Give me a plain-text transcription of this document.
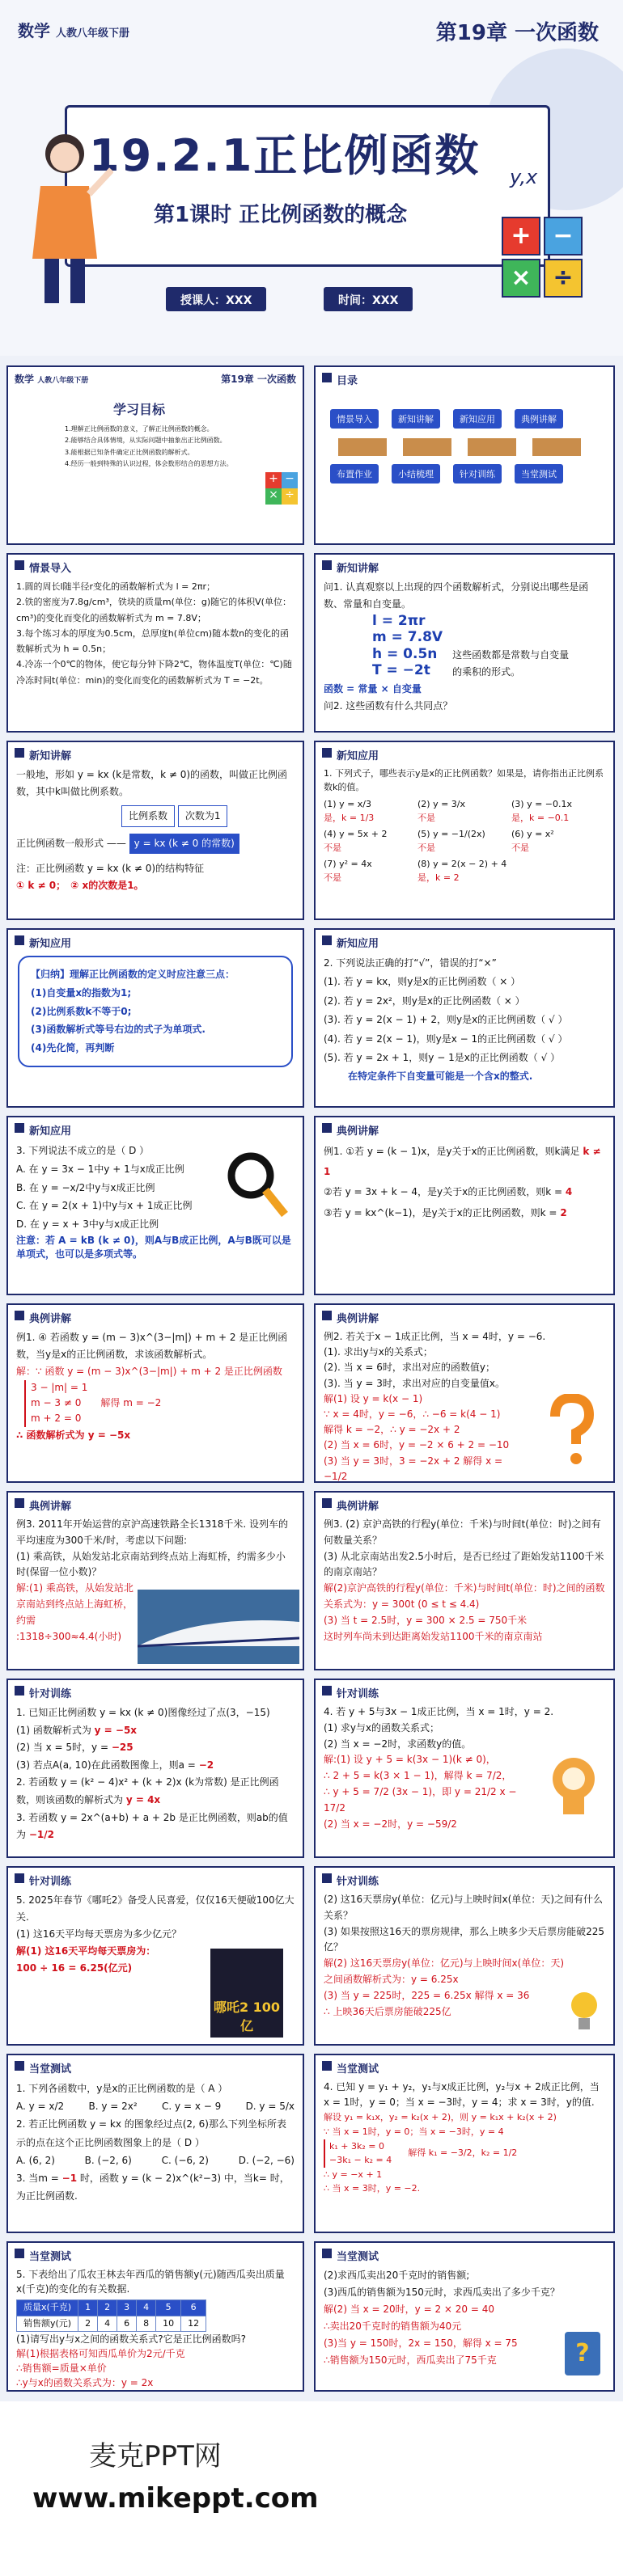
数学 人教八年级下册	第19章 一次函数
19.2.1正比例函数
第1课时 正比例函数的概念
y,x
授课人：XXX	时间：XXX
+ −
× ÷
数学 人教八年级下册	第19章 一次函数
学习目标
1.理解正比例函数的意义，了解正比例函数的概念。
2.能够结合具体情境，从实际问题中抽象出正比例函数。
3.能根据已知条件确定正比例函数的解析式。
4.经历一般到特殊的认识过程，体会数形结合的思想方法。
+ −
× ÷
目录
情景导入	新知讲解	新知应用	典例讲解
布置作业	小结梳理	针对训练	当堂测试
情景导入
1.圆的周长l随半径r变化的函数解析式为 l = 2πr；
2.铁的密度为7.8g/cm³，铁块的质量m(单位：g)随它的体积V(单位：cm³)的变化而变化的函数解析式为 m = 7.8V；
3.每个练习本的厚度为0.5cm，总厚度h(单位cm)随本数n的变化的函数解析式为 h = 0.5n；
4.冷冻一个0℃的物体，使它每分钟下降2℃，物体温度T(单位：℃)随冷冻时间t(单位：min)的变化而变化的函数解析式为 T = −2t。
新知讲解
问1. 认真观察以上出现的四个函数解析式，分别说出哪些是函数、常量和自变量。
l = 2πr
m = 7.8V
h = 0.5n
T = −2t
这些函数都是常数与自变量的乘积的形式。
函数 = 常量 × 自变量
问2. 这些函数有什么共同点？
新知讲解
一般地，形如 y = kx (k是常数，k ≠ 0)的函数，叫做正比例函数，其中k叫做比例系数。
比例系数 次数为1
正比例函数一般形式 —— y = kx (k ≠ 0 的常数)
注：正比例函数 y = kx (k ≠ 0)的结构特征
① k ≠ 0；　 ② x的次数是1。
新知应用
1. 下列式子，哪些表示y是x的正比例函数？如果是，请你指出正比例系数k的值。
(1) y = x/3
是，k = 1/3
(2) y = 3/x
不是
(3) y = −0.1x
是，k = −0.1
(4) y = 5x + 2
不是
(5) y = −1/(2x)
不是
(6) y = x²
不是
(7) y² = 4x
不是
(8) y = 2(x − 2) + 4
是，k = 2
新知应用
【归纳】理解正比例函数的定义时应注意三点：
(1)自变量x的指数为1;
(2)比例系数k不等于0;
(3)函数解析式等号右边的式子为单项式.
(4)先化简，再判断
新知应用
2. 下列说法正确的打“√”，错误的打“×”
(1). 若 y = kx，则y是x的正比例函数（ × ）
(2). 若 y = 2x²，则y是x的正比例函数（ × ）
(3). 若 y = 2(x − 1) + 2，则y是x的正比例函数（ √ ）
(4). 若 y = 2(x − 1)，则y是x − 1的正比例函数（ √ ）
(5). 若 y = 2x + 1，则y − 1是x的正比例函数（ √ ）
在特定条件下自变量可能是一个含x的整式.
新知应用
3. 下列说法不成立的是（ D ）
A. 在 y = 3x − 1中y + 1与x成正比例
B. 在 y = −x/2中y与x成正比例
C. 在 y = 2(x + 1)中y与x + 1成正比例
D. 在 y = x + 3中y与x成正比例
注意：若 A = kB (k ≠ 0)，则A与B成正比例，A与B既可以是单项式，也可以是多项式等。
典例讲解
例1. ①若 y = (k − 1)x，是y关于x的正比例函数，则k满足 k ≠ 1
②若 y = 3x + k − 4，是y关于x的正比例函数，则k = 4
③若 y = kx^(k−1)，是y关于x的正比例函数，则k = 2
典例讲解
例1. ④ 若函数 y = (m − 3)x^(3−|m|) + m + 2 是正比例函数，当y是x的正比例函数，求该函数解析式。
解：∵ 函数 y = (m − 3)x^(3−|m|) + m + 2 是正比例函数
3 − |m| = 1
m − 3 ≠ 0
m + 2 = 0
解得 m = −2
∴ 函数解析式为 y = −5x
典例讲解
例2. 若关于x − 1成正比例，当 x = 4时，y = −6.
(1). 求出y与x的关系式；
(2). 当 x = 6时，求出对应的函数值y；
(3). 当 y = 3时，求出对应的自变量值x。
解(1) 设 y = k(x − 1)
∵ x = 4时，y = −6，∴ −6 = k(4 − 1)
解得 k = −2，∴ y = −2x + 2
(2) 当 x = 6时，y = −2 × 6 + 2 = −10
(3) 当 y = 3时，3 = −2x + 2 解得 x = −1/2
典例讲解
例3. 2011年开始运营的京沪高速铁路全长1318千米. 设列车的平均速度为300千米/时，考虑以下问题:
(1) 乘高铁，从始发站北京南站到终点站上海虹桥，约需多少小时(保留一位小数)？
解:(1) 乘高铁，从始发站北京南站到终点站上海虹桥，约需
:1318÷300≈4.4(小时)
典例讲解
例3. (2) 京沪高铁的行程y(单位：千米)与时间t(单位：时)之间有何数量关系？
(3) 从北京南站出发2.5小时后，是否已经过了距始发站1100千米的南京南站？
解(2)京沪高铁的行程y(单位：千米)与时间t(单位：时)之间的函数关系式为：y = 300t (0 ≤ t ≤ 4.4)
(3) 当 t = 2.5时，y = 300 × 2.5 = 750千米
这时列车尚未到达距离始发站1100千米的南京南站
针对训练
1. 已知正比例函数 y = kx (k ≠ 0)图像经过了点(3，−15)
(1) 函数解析式为 y = −5x
(2) 当 x = 5时，y = −25
(3) 若点A(a, 10)在此函数图像上，则a = −2
2. 若函数 y = (k² − 4)x² + (k + 2)x (k为常数) 是正比例函数，则该函数的解析式为 y = 4x
3. 若函数 y = 2x^(a+b) + a + 2b 是正比例函数，则ab的值为 −1/2
针对训练
4. 若 y + 5与3x − 1成正比例，当 x = 1时，y = 2.
(1) 求y与x的函数关系式；
(2) 当 x = −2时，求函数y的值。
解:(1) 设 y + 5 = k(3x − 1)(k ≠ 0)，
∴ 2 + 5 = k(3 × 1 − 1)，解得 k = 7/2，
∴ y + 5 = 7/2 (3x − 1)，即 y = 21/2 x − 17/2
(2) 当 x = −2时，y = −59/2
针对训练
5. 2025年春节《哪吒2》备受人民喜爱，仅仅16天便破100亿大关.
(1) 这16天平均每天票房为多少亿元？
解(1) 这16天平均每天票房为：
100 ÷ 16 = 6.25(亿元)
哪吒2 100亿
针对训练
(2) 这16天票房y(单位：亿元)与上映时间x(单位：天)之间有什么关系？
(3) 如果按照这16天的票房规律，那么上映多少天后票房能破225亿？
解(2) 这16天票房y(单位：亿元)与上映时间x(单位：天)之间函数解析式为：y = 6.25x
(3) 当 y = 225时，225 = 6.25x 解得 x = 36
∴ 上映36天后票房能破225亿
当堂测试
1. 下列各函数中，y是x的正比例函数的是（ A ）
A. y = x/2	B. y = 2x²	C. y = x − 9	D. y = 5/x
2. 若正比例函数 y = kx 的图象经过点(2, 6)那么下列坐标所表示的点在这个正比例函数图象上的是（ D ）
A. (6, 2)	B. (−2, 6)	C. (−6, 2)	D. (−2, −6)
3. 当m = −1 时，函数 y = (k − 2)x^(k²−3) 中，当k= 时，为正比例函数.
当堂测试
4. 已知 y = y₁ + y₂，y₁与x成正比例，y₂与x + 2成正比例，当 x = 1时，y = 0；当 x = −3时，y = 4；求 x = 3时，y的值.
解设 y₁ = k₁x，y₂ = k₂(x + 2)，则 y = k₁x + k₂(x + 2)
∵ 当 x = 1时，y = 0；当 x = −3时，y = 4
k₁ + 3k₂ = 0
−3k₁ − k₂ = 4
解得 k₁ = −3/2，k₂ = 1/2
∴ y = −x + 1
∴ 当 x = 3时，y = −2.
当堂测试
5. 下表给出了瓜农王林去年西瓜的销售额y(元)随西瓜卖出质量x(千克)的变化的有关数据.
质量x(千克)	1	2	3	4	5	6
销售额y(元)	2	4	6	8	10	12
(1)请写出y与x之间的函数关系式?它是正比例函数吗?
解(1)根据表格可知西瓜单价为2元/千克
∴销售额=质量×单价
∴y与x的函数关系式为：y = 2x
当堂测试
(2)求西瓜卖出20千克时的销售额;
(3)西瓜的销售额为150元时，求西瓜卖出了多少千克？
解(2) 当 x = 20时，y = 2 × 20 = 40
∴卖出20千克时的销售额为40元
(3)当 y = 150时，2x = 150，解得 x = 75
∴销售额为150元时，西瓜卖出了75千克	?
麦克PPT网
www.mikeppt.com
